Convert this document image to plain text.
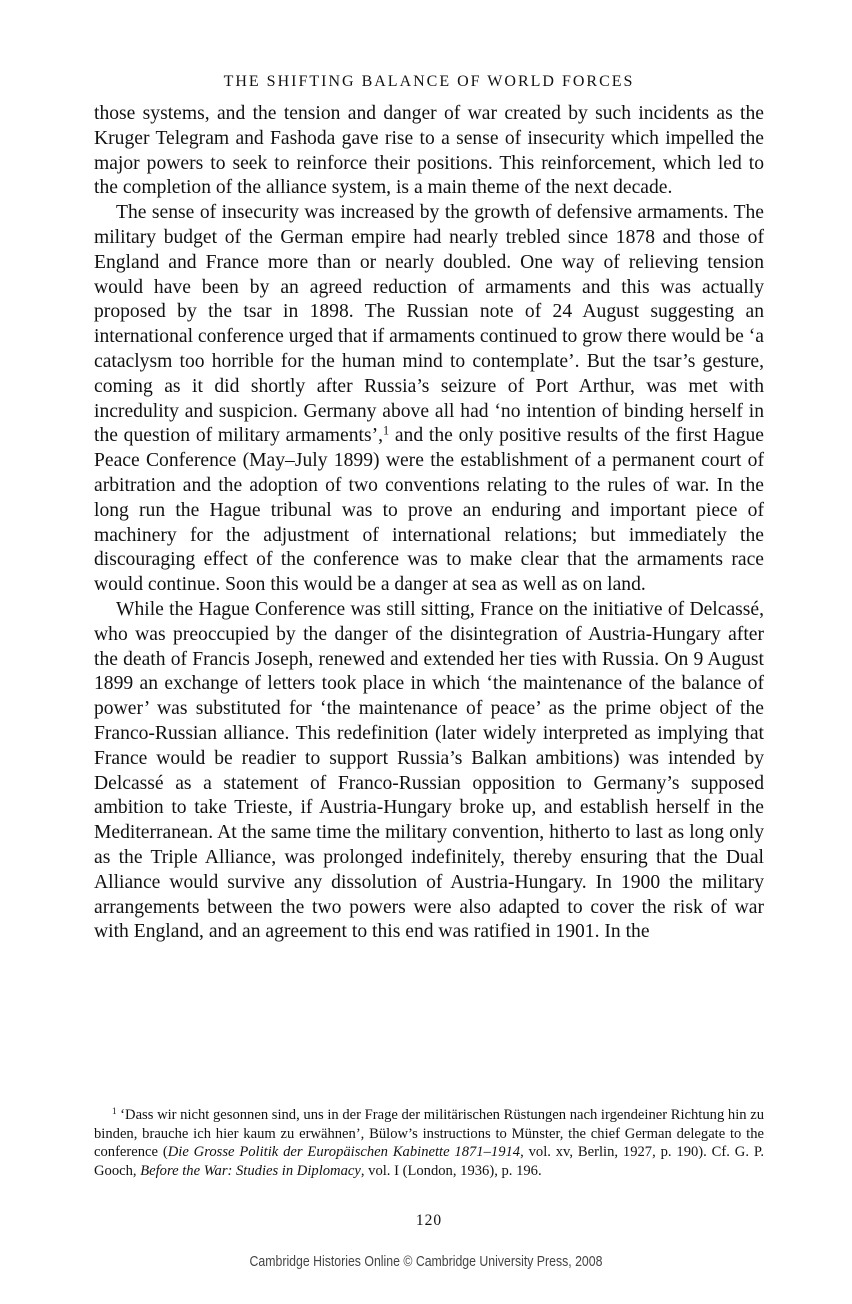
THE SHIFTING BALANCE OF WORLD FORCES

those systems, and the tension and danger of war created by such incidents as the Kruger Telegram and Fashoda gave rise to a sense of insecurity which impelled the major powers to seek to reinforce their positions. This reinforcement, which led to the completion of the alliance system, is a main theme of the next decade.

The sense of insecurity was increased by the growth of defensive armaments. The military budget of the German empire had nearly trebled since 1878 and those of England and France more than or nearly doubled. One way of relieving tension would have been by an agreed reduction of armaments and this was actually proposed by the tsar in 1898. The Russian note of 24 August suggesting an international conference urged that if armaments continued to grow there would be ‘a cataclysm too horrible for the human mind to contemplate’. But the tsar’s gesture, coming as it did shortly after Russia’s seizure of Port Arthur, was met with incredulity and suspicion. Germany above all had ‘no intention of binding herself in the question of military armaments’,$^1$ and the only positive results of the first Hague Peace Conference (May–July 1899) were the establishment of a permanent court of arbitration and the adoption of two conventions relating to the rules of war. In the long run the Hague tribunal was to prove an enduring and important piece of machinery for the adjustment of international relations; but immediately the discouraging effect of the conference was to make clear that the armaments race would continue. Soon this would be a danger at sea as well as on land.

While the Hague Conference was still sitting, France on the initiative of Delcassé, who was preoccupied by the danger of the disintegration of Austria-Hungary after the death of Francis Joseph, renewed and extended her ties with Russia. On 9 August 1899 an exchange of letters took place in which ‘the maintenance of the balance of power’ was substituted for ‘the maintenance of peace’ as the prime object of the Franco-Russian alliance. This redefinition (later widely interpreted as implying that France would be readier to support Russia’s Balkan ambitions) was intended by Delcassé as a statement of Franco-Russian opposition to Germany’s supposed ambition to take Trieste, if Austria-Hungary broke up, and establish herself in the Mediterranean. At the same time the military convention, hitherto to last as long only as the Triple Alliance, was prolonged indefinitely, thereby ensuring that the Dual Alliance would survive any dissolution of Austria-Hungary. In 1900 the military arrangements between the two powers were also adapted to cover the risk of war with England, and an agreement to this end was ratified in 1901. In the

$^1$ ‘Dass wir nicht gesonnen sind, uns in der Frage der militärischen Rüstungen nach irgendeiner Richtung hin zu binden, brauche ich hier kaum zu erwähnen’, Bülow’s instructions to Münster, the chief German delegate to the conference (Die Grosse Politik der Europäischen Kabinette 1871–1914, vol. xv, Berlin, 1927, p. 190). Cf. G. P. Gooch, Before the War: Studies in Diplomacy, vol. I (London, 1936), p. 196.

120
Cambridge Histories Online © Cambridge University Press, 2008
